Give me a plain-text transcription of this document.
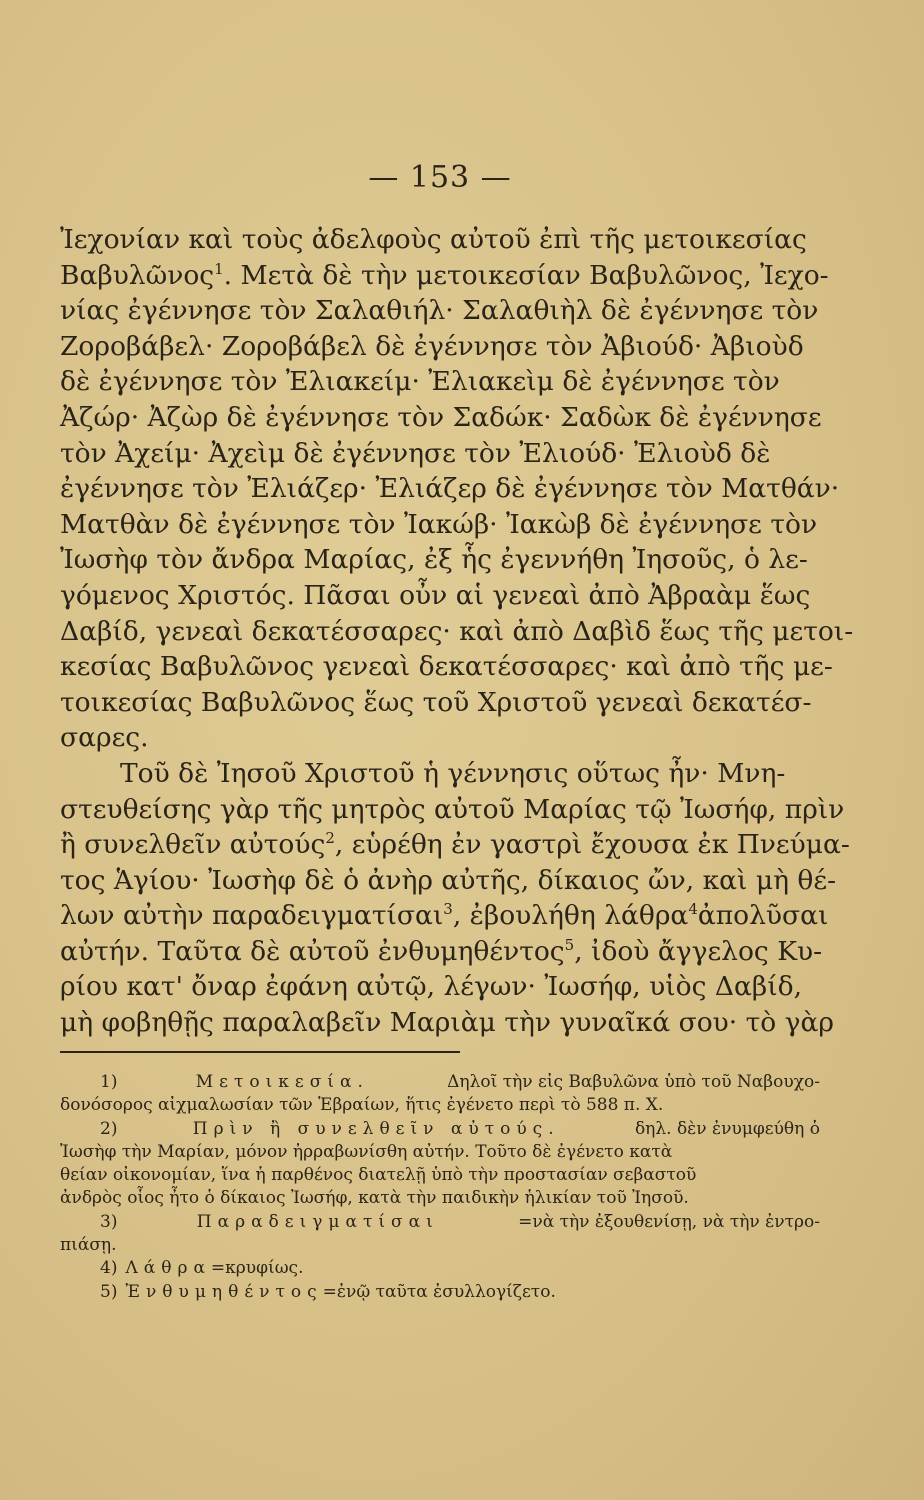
— 153 —
Ἰεχονίαν καὶ τοὺς ἀδελφοὺς αὐτοῦ ἐπὶ τῆς μετοικεσίας
Βαβυλῶνος$^1$. Μετὰ δὲ τὴν μετοικεσίαν Βαβυλῶνος, Ἰεχο-
νίας ἐγέννησε τὸν Σαλαθιήλ· Σαλαθιὴλ δὲ ἐγέννησε τὸν
Ζοροβάβελ· Ζοροβάβελ δὲ ἐγέννησε τὸν Ἀβιούδ· Ἀβιοὺδ
δὲ ἐγέννησε τὸν Ἐλιακείμ· Ἐλιακεὶμ δὲ ἐγέννησε τὸν
Ἀζώρ· Ἀζὼρ δὲ ἐγέννησε τὸν Σαδώκ· Σαδὼκ δὲ ἐγέννησε
τὸν Ἀχείμ· Ἀχεὶμ δὲ ἐγέννησε τὸν Ἐλιούδ· Ἐλιοὺδ δὲ
ἐγέννησε τὸν Ἐλιάζερ· Ἐλιάζερ δὲ ἐγέννησε τὸν Ματθάν·
Ματθὰν δὲ ἐγέννησε τὸν Ἰακώβ· Ἰακὼβ δὲ ἐγέννησε τὸν
Ἰωσὴφ τὸν ἄνδρα Μαρίας, ἐξ ἧς ἐγεννήθη Ἰησοῦς, ὁ λε-
γόμενος Χριστός. Πᾶσαι οὖν αἱ γενεαὶ ἀπὸ Ἀβραὰμ ἕως
Δαβίδ, γενεαὶ δεκατέσσαρες· καὶ ἀπὸ Δαβὶδ ἕως τῆς μετοι-
κεσίας Βαβυλῶνος γενεαὶ δεκατέσσαρες· καὶ ἀπὸ τῆς με-
τοικεσίας Βαβυλῶνος ἕως τοῦ Χριστοῦ γενεαὶ δεκατέσ-
σαρες.
Τοῦ δὲ Ἰησοῦ Χριστοῦ ἡ γέννησις οὕτως ἦν· Μνη-
στευθείσης γὰρ τῆς μητρὸς αὐτοῦ Μαρίας τῷ Ἰωσήφ, πρὶν
ἢ συνελθεῖν αὐτούς$^2$, εὑρέθη ἐν γαστρὶ ἔχουσα ἐκ Πνεύμα-
τος Ἁγίου· Ἰωσὴφ δὲ ὁ ἀνὴρ αὐτῆς, δίκαιος ὤν, καὶ μὴ θέ-
λων αὐτὴν παραδειγματίσαι$^3$, ἐβουλήθη λάθρα$^4$ἀπολῦσαι
αὐτήν. Ταῦτα δὲ αὐτοῦ ἐνθυμηθέντος$^5$, ἰδοὺ ἄγγελος Κυ-
ρίου κατ' ὄναρ ἐφάνη αὐτῷ, λέγων· Ἰωσήφ, υἱὸς Δαβίδ,
μὴ φοβηθῇς παραλαβεῖν Μαριὰμ τὴν γυναῖκά σου· τὸ γὰρ
1)	Μετοικεσία.	Δηλοῖ τὴν εἰς Βαβυλῶνα ὑπὸ τοῦ Ναβουχο-
δονόσορος αἰχμαλωσίαν τῶν Ἑβραίων, ἥτις ἐγένετο περὶ τὸ 588 π. Χ.
2)	Πρὶν ἢ συνελθεῖν αὐτούς.	δηλ. δὲν ἐνυμφεύθη ὁ
Ἰωσὴφ τὴν Μαρίαν, μόνον ἠρραβωνίσθη αὐτήν. Τοῦτο δὲ ἐγένετο κατὰ
θείαν οἰκονομίαν, ἵνα ἡ παρθένος διατελῇ ὑπὸ τὴν προστασίαν σεβαστοῦ
ἀνδρὸς οἷος ἦτο ὁ δίκαιος Ἰωσήφ, κατὰ τὴν παιδικὴν ἡλικίαν τοῦ Ἰησοῦ.
3)	Παραδειγματίσαι	=νὰ τὴν ἐξουθενίσῃ, νὰ τὴν ἐντρο-
πιάσῃ.
4) Λάθρα =κρυφίως.
5) Ἐνθυμηθέντος =ἐνῷ ταῦτα ἐσυλλογίζετο.
